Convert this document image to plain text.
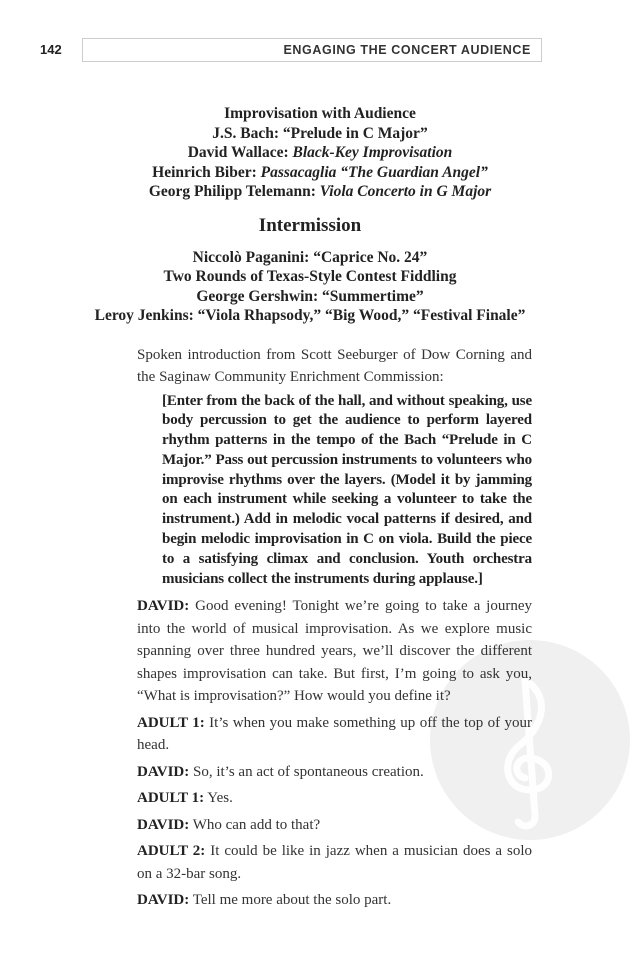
142	ENGAGING THE CONCERT AUDIENCE
Improvisation with Audience
J.S. Bach: “Prelude in C Major”
David Wallace: Black-Key Improvisation
Heinrich Biber: Passacaglia “The Guardian Angel”
Georg Philipp Telemann: Viola Concerto in G Major
Intermission
Niccolò Paganini: “Caprice No. 24”
Two Rounds of Texas-Style Contest Fiddling
George Gershwin: “Summertime”
Leroy Jenkins: “Viola Rhapsody,” “Big Wood,” “Festival Finale”

Spoken introduction from Scott Seeburger of Dow Corning and the Saginaw Community Enrichment Commission:

[Enter from the back of the hall, and without speaking, use body percussion to get the audience to perform layered rhythm patterns in the tempo of the Bach “Prelude in C Major.” Pass out percussion instruments to volunteers who improvise rhythms over the layers. (Model it by jamming on each instrument while seeking a volunteer to take the instrument.) Add in melodic vocal patterns if desired, and begin melodic improvisation in C on viola. Build the piece to a satisfying climax and conclusion. Youth orchestra musicians collect the instruments during applause.]

DAVID: Good evening! Tonight we’re going to take a journey into the world of musical improvisation. As we explore music spanning over three hundred years, we’ll discover the different shapes improvisation can take. But first, I’m going to ask you, “What is improvisation?” How would you define it?

ADULT 1: It’s when you make something up off the top of your head.

DAVID: So, it’s an act of spontaneous creation.

ADULT 1: Yes.

DAVID: Who can add to that?

ADULT 2: It could be like in jazz when a musician does a solo on a 32-bar song.

DAVID: Tell me more about the solo part.
